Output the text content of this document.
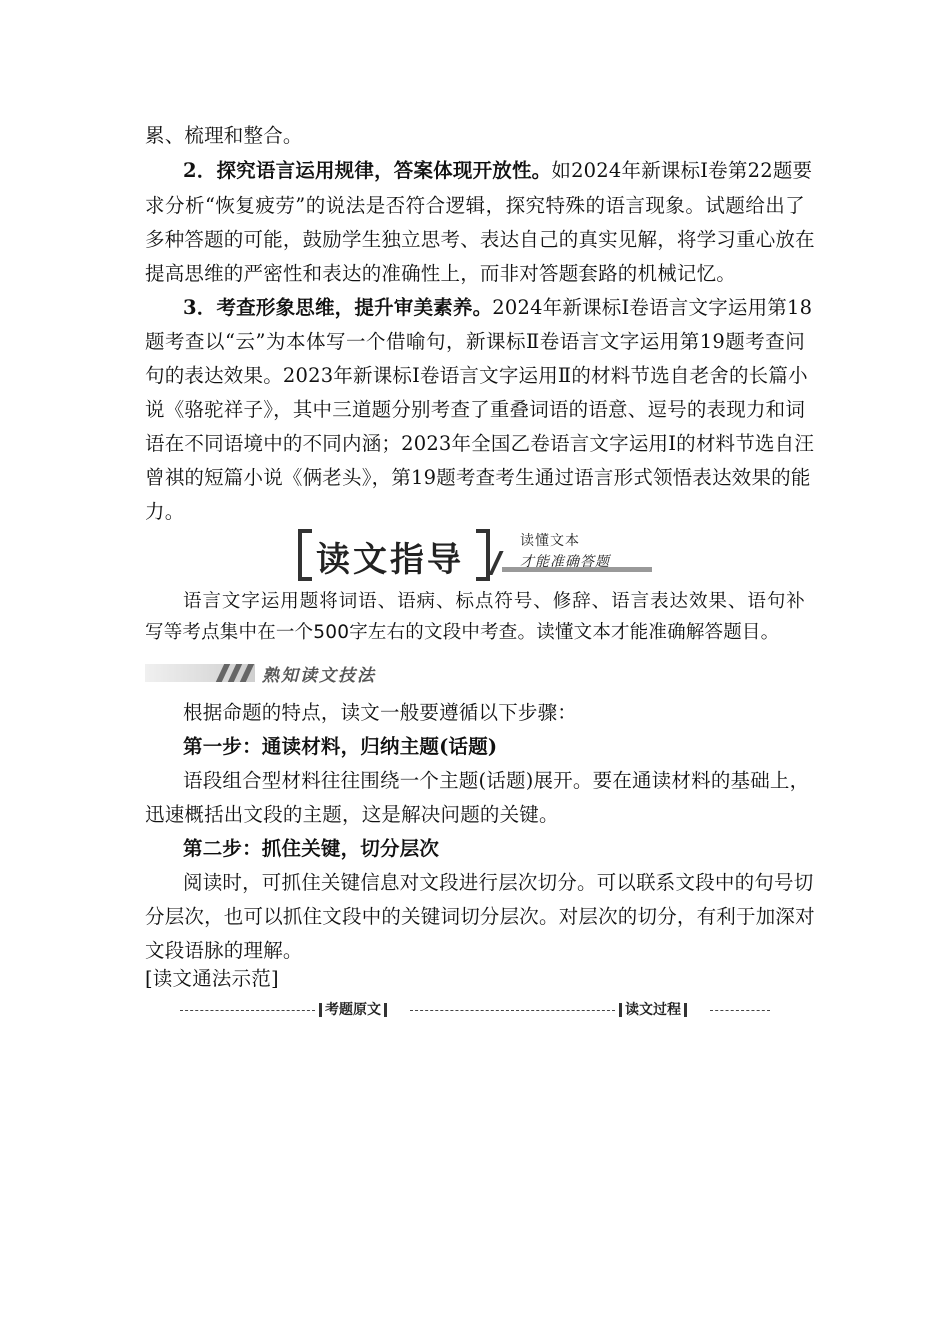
累、梳理和整合。
2．探究语言运用规律，答案体现开放性。如2024年新课标Ⅰ卷第22题要
求分析“恢复疲劳”的说法是否符合逻辑，探究特殊的语言现象。试题给出了
多种答题的可能，鼓励学生独立思考、表达自己的真实见解，将学习重心放在
提高思维的严密性和表达的准确性上，而非对答题套路的机械记忆。
3．考查形象思维，提升审美素养。2024年新课标Ⅰ卷语言文字运用第18
题考查以“云”为本体写一个借喻句，新课标Ⅱ卷语言文字运用第19题考查问
句的表达效果。2023年新课标Ⅰ卷语言文字运用Ⅱ的材料节选自老舍的长篇小
说《骆驼祥子》，其中三道题分别考查了重叠词语的语意、逗号的表现力和词
语在不同语境中的不同内涵；2023年全国乙卷语言文字运用Ⅰ的材料节选自汪
曾祺的短篇小说《俩老头》，第19题考查考生通过语言形式领悟表达效果的能
力。
读文指导	读懂文本
才能准确答题
语言文字运用题将词语、语病、标点符号、修辞、语言表达效果、语句补
写等考点集中在一个500字左右的文段中考查。读懂文本才能准确解答题目。
熟知读文技法
根据命题的特点，读文一般要遵循以下步骤：
第一步：通读材料，归纳主题(话题)
语段组合型材料往往围绕一个主题(话题)展开。要在通读材料的基础上，
迅速概括出文段的主题，这是解决问题的关键。
第二步：抓住关键，切分层次
阅读时，可抓住关键信息对文段进行层次切分。可以联系文段中的句号切
分层次，也可以抓住文段中的关键词切分层次。对层次的切分，有利于加深对
文段语脉的理解。
[读文通法示范]
考题原文	读文过程
